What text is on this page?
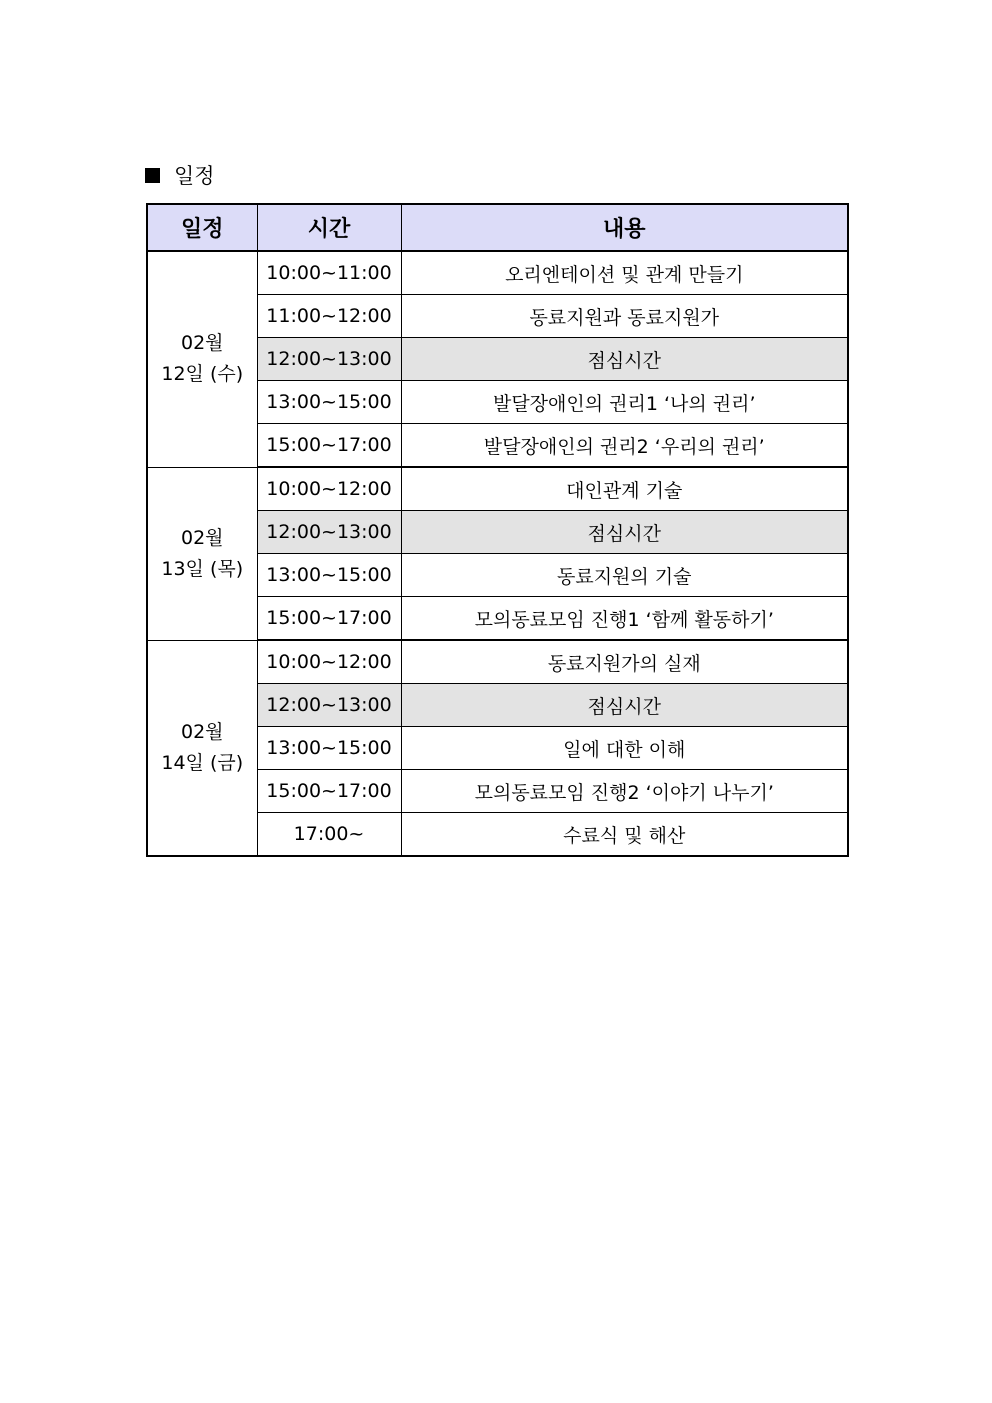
일정
일정	시간	내용

02월
12일 (수)	10:00~11:00	오리엔테이션 및 관계 만들기
	11:00~12:00	동료지원과 동료지원가
	12:00~13:00	점심시간
	13:00~15:00	발달장애인의 권리1 ‘나의 권리’
	15:00~17:00	발달장애인의 권리2 ‘우리의 권리’

02월
13일 (목)	10:00~12:00	대인관계 기술
	12:00~13:00	점심시간
	13:00~15:00	동료지원의 기술
	15:00~17:00	모의동료모임 진행1 ‘함께 활동하기’

02월
14일 (금)	10:00~12:00	동료지원가의 실재
	12:00~13:00	점심시간
	13:00~15:00	일에 대한 이해
	15:00~17:00	모의동료모임 진행2 ‘이야기 나누기’
	17:00~	수료식 및 해산
